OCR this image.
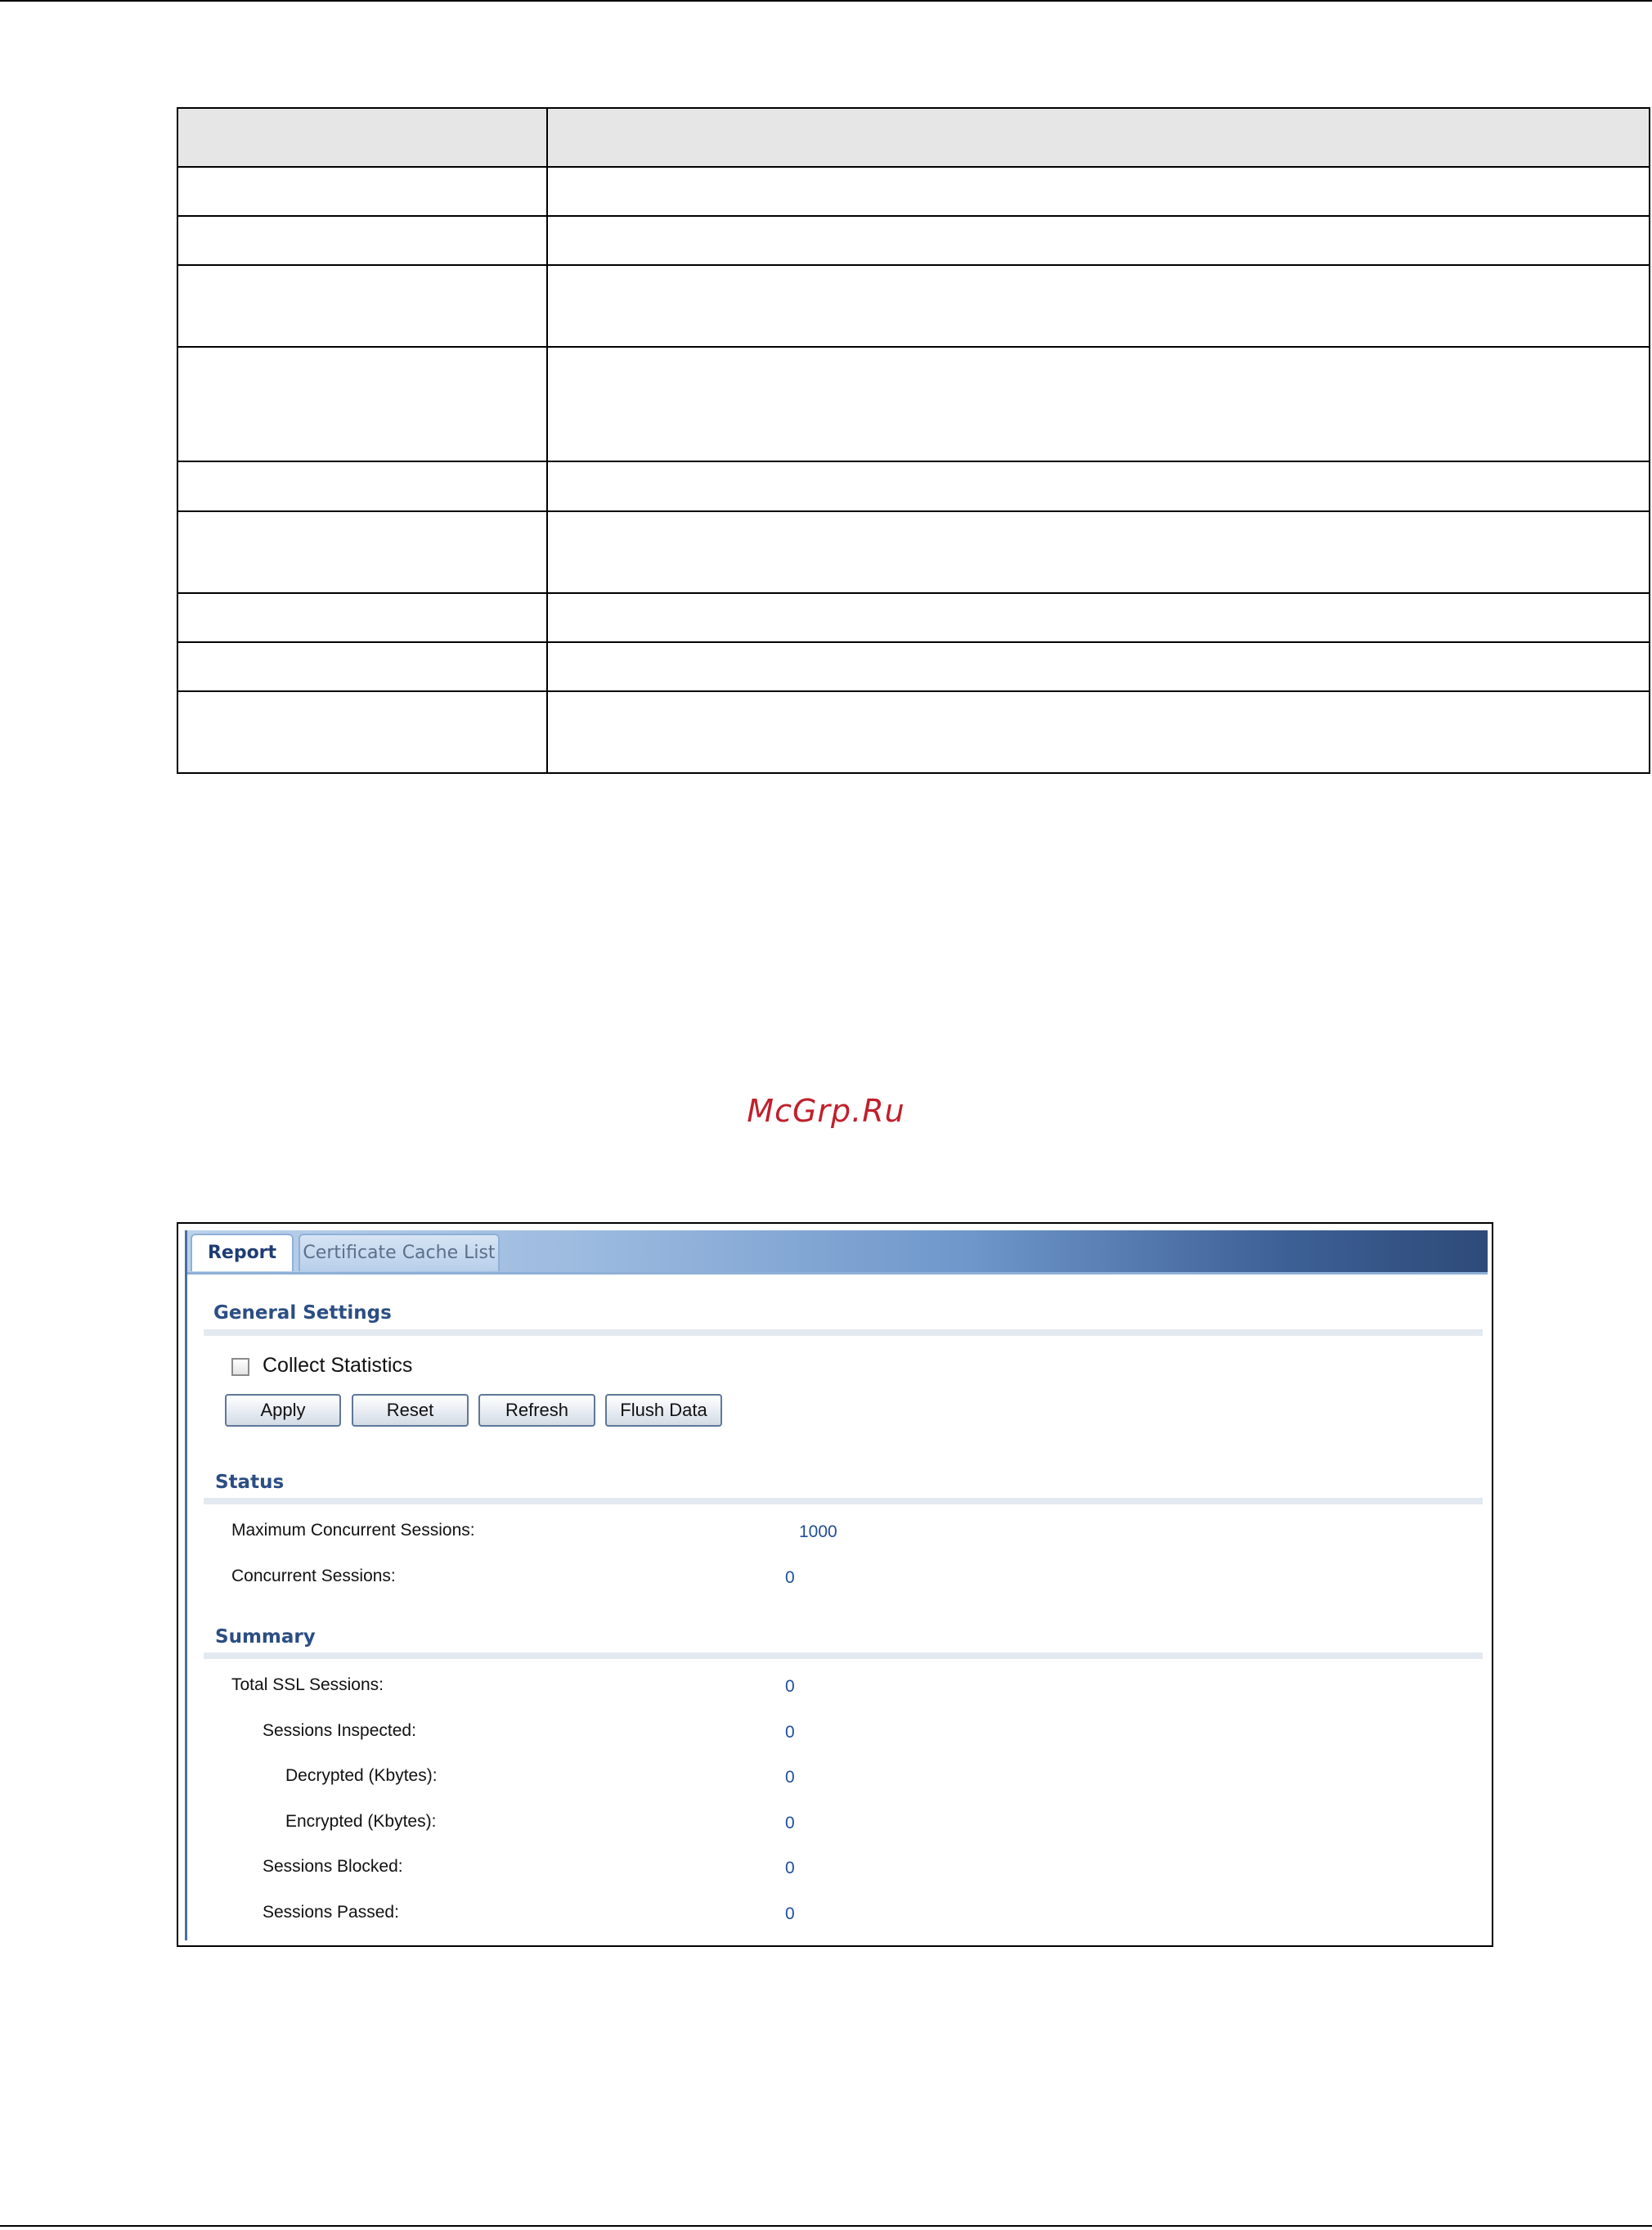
McGrp.Ru
Report	Certificate Cache List
General Settings
Collect Statistics
Apply	Reset	Refresh	Flush Data
Status
Maximum Concurrent Sessions:	1000
Concurrent Sessions:	0
Summary
Total SSL Sessions:	0
Sessions Inspected:	0
Decrypted (Kbytes):	0
Encrypted (Kbytes):	0
Sessions Blocked:	0
Sessions Passed:	0
